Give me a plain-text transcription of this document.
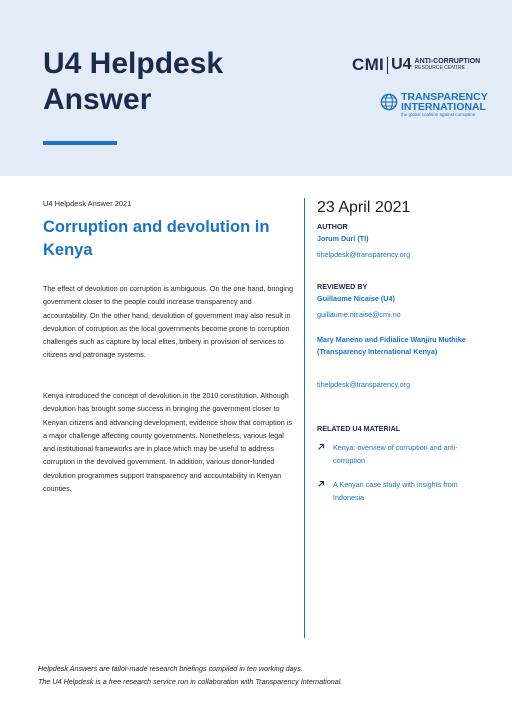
U4 Helpdesk
Answer
CMI U4 ANTI-CORRUPTION
RESOURCE CENTRE
TRANSPARENCY
INTERNATIONAL
the global coalition against corruption
U4 Helpdesk Answer 2021
Corruption and devolution in Kenya

The effect of devolution on corruption is ambiguous. On the one hand, bringing government closer to the people could increase transparency and accountability. On the other hand, devolution of government may also result in devolution of corruption as the local governments become prone to corruption challenges such as capture by local elites, bribery in provision of services to citizens and patronage systems.

Kenya introduced the concept of devolution in the 2010 constitution. Although devolution has brought some success in bringing the government closer to Kenyan citizens and advancing development, evidence show that corruption is a major challenge affecting county governments. Nonetheless, various legal and institutional frameworks are in place which may be useful to address corruption in the devolved government. In addition, various donor-funded devolution programmes support transparency and accountability in Kenyan counties.

23 April 2021

AUTHOR

Jorum Duri (TI)

tihelpdesk@transparency.org

REVIEWED BY

Guillaume Nicaise (U4)

guillaume.nicaise@cmi.no

Mary Maneno and Fidialice Wanjiru Muthike (Transparency International Kenya)

tihelpdesk@transparency.org

RELATED U4 MATERIAL

Kenya: overview of corruption and anti-corruption
A Kenyan case study with insights from Indonesia

Helpdesk Answers are tailor-made research briefings compiled in ten working days.

The U4 Helpdesk is a free research service run in collaboration with Transparency International.
